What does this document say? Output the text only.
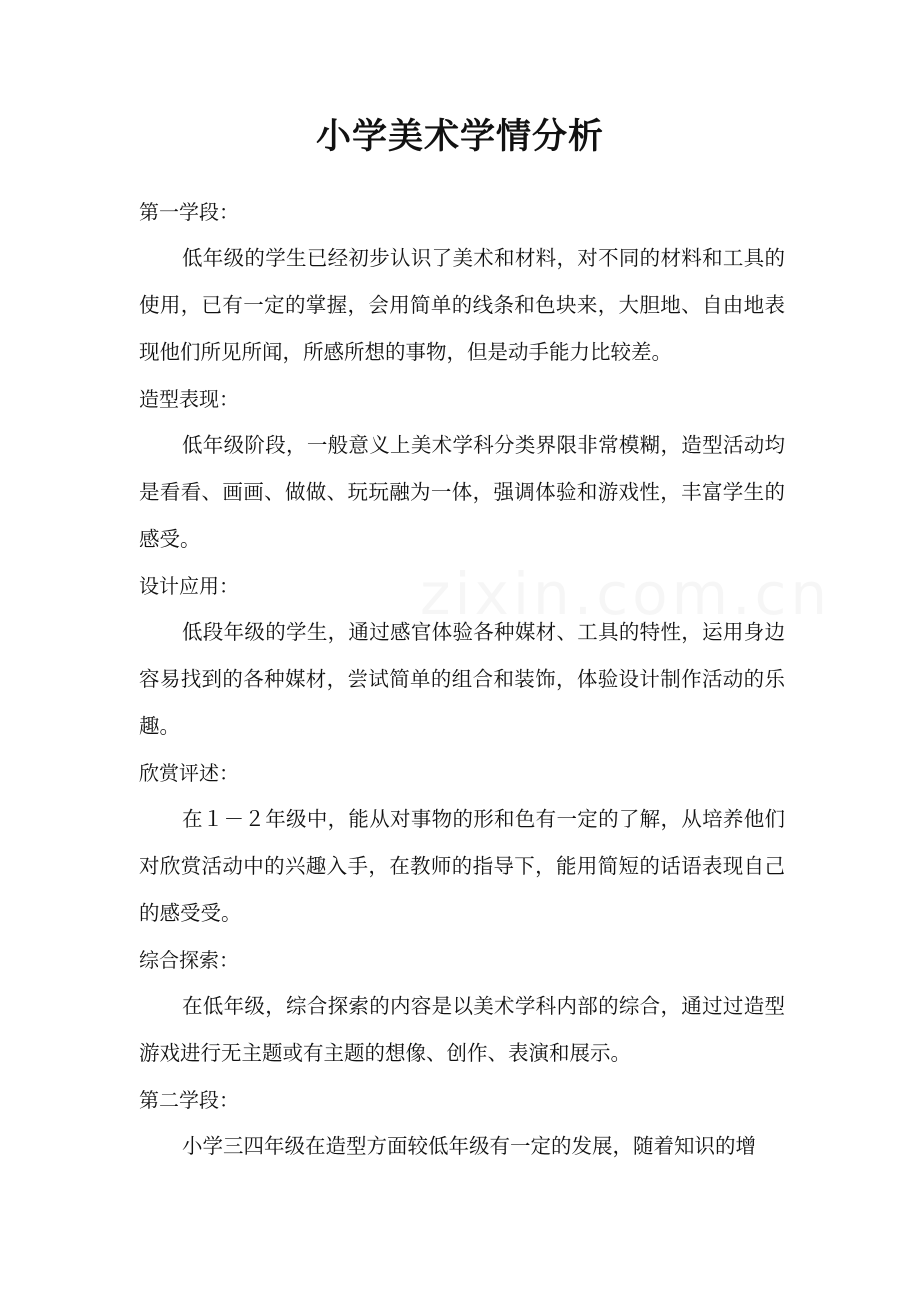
小学美术学情分析

第一学段：

低年级的学生已经初步认识了美术和材料，对不同的材料和工具的使用，已有一定的掌握，会用简单的线条和色块来，大胆地、自由地表现他们所见所闻，所感所想的事物，但是动手能力比较差。

造型表现：

低年级阶段，一般意义上美术学科分类界限非常模糊，造型活动均是看看、画画、做做、玩玩融为一体，强调体验和游戏性，丰富学生的感受。

设计应用：

低段年级的学生，通过感官体验各种媒材、工具的特性，运用身边容易找到的各种媒材，尝试简单的组合和装饰，体验设计制作活动的乐趣。

欣赏评述：

在１－２年级中，能从对事物的形和色有一定的了解，从培养他们对欣赏活动中的兴趣入手，在教师的指导下，能用简短的话语表现自己的感受受。

综合探索：

在低年级，综合探索的内容是以美术学科内部的综合，通过过造型游戏进行无主题或有主题的想像、创作、表演和展示。

第二学段：

小学三四年级在造型方面较低年级有一定的发展，随着知识的增
